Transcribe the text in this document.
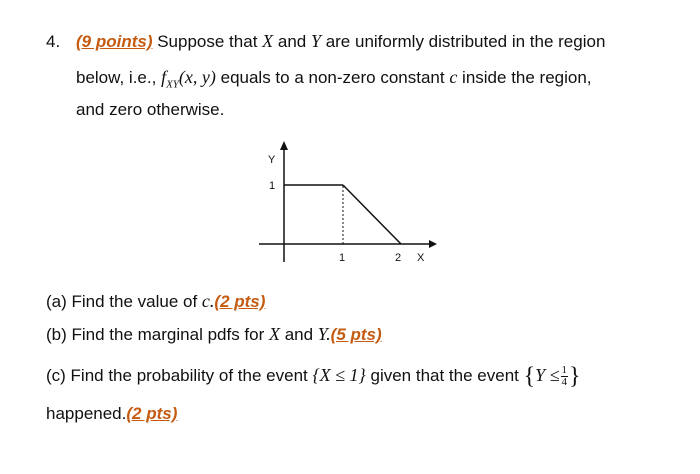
4. (9 points) Suppose that X and Y are uniformly distributed in the region
below, i.e., $f_{XY}(x$, y) equals to a non-zero constant c inside the region,
and zero otherwise.
Y
1
1	2 X
(a) Find the value of c.(2 pts)
(b) Find the marginal pdfs for X and Y.(5 pts)
(c) Find the probability of the event {X ≤ 1} given that the event {$Y \le \frac{1}{4}$ }
happened.(2 pts)
